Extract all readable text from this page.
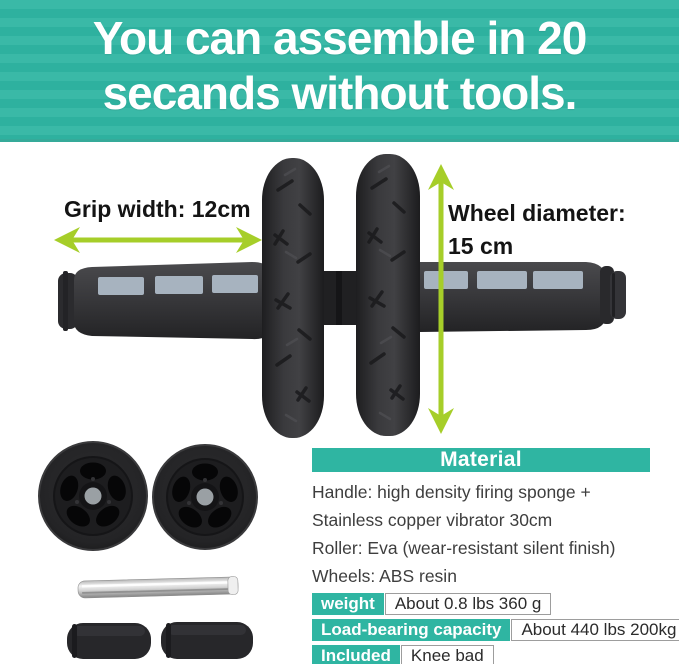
You can assemble in 20
secands without tools.
Grip width: 12cm	Wheel diameter:
15 cm
Material
Handle: high density firing sponge +
Stainless copper vibrator 30cm
Roller: Eva (wear-resistant silent finish)
Wheels: ABS resin
weight	About 0.8 lbs 360 g
Load-bearing capacity	About 440 lbs 200kg
Included	Knee bad
